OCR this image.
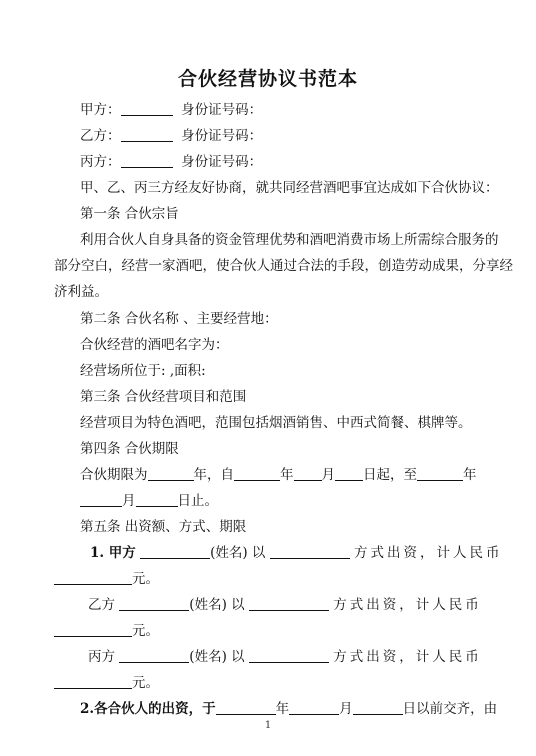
合伙经营协议书范本
甲方：	身份证号码：
乙方：	身份证号码：
丙方：	身份证号码：
甲、乙、丙三方经友好协商，就共同经营酒吧事宜达成如下合伙协议：
第一条 合伙宗旨
利用合伙人自身具备的资金管理优势和酒吧消费市场上所需综合服务的
部分空白，经营一家酒吧，使合伙人通过合法的手段，创造劳动成果，分享经
济利益。
第二条 合伙名称 、主要经营地：
合伙经营的酒吧名字为：
经营场所位于: ,面积:
第三条 合伙经营项目和范围
经营项目为特色酒吧，范围包括烟酒销售、中西式简餐、棋牌等。
第四条 合伙期限
合伙期限为	年，自	年 月 日起，至	年
月	日止。
第五条 出资额、方式、期限
1. 甲方	(姓名) 以	方式出资，计人民币
元。
乙方	(姓名) 以	方式出资，计人民币
元。
丙方	(姓名) 以	方式出资，计人民币
元。
2.各合伙人的出资，于	年	月	日以前交齐，由
1
